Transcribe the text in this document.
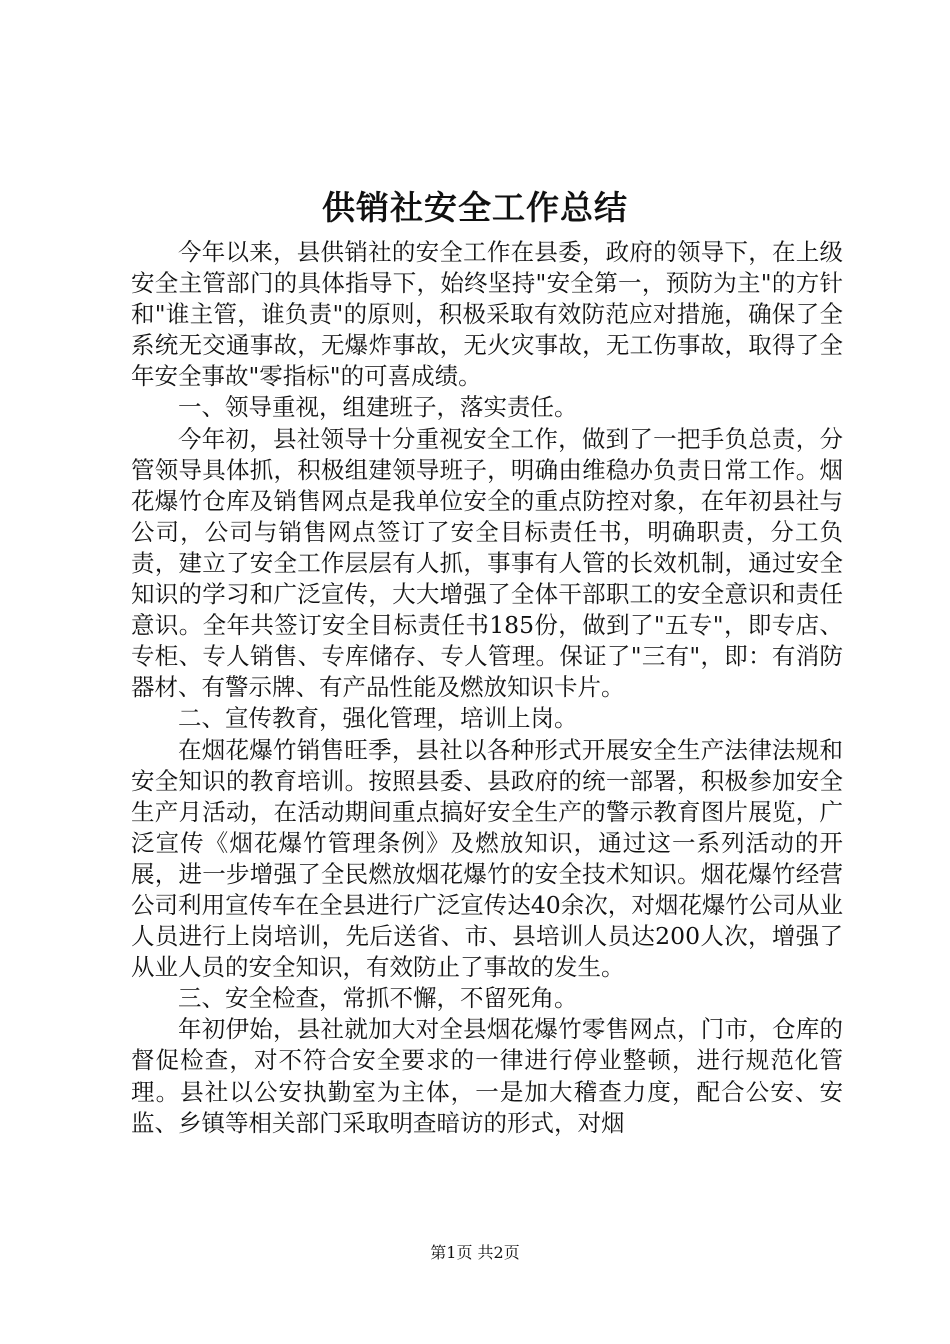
供销社安全工作总结

今年以来，县供销社的安全工作在县委，政府的领导下，在上级安全主管部门的具体指导下，始终坚持"安全第一，预防为主"的方针和"谁主管，谁负责"的原则，积极采取有效防范应对措施，确保了全系统无交通事故，无爆炸事故，无火灾事故，无工伤事故，取得了全年安全事故"零指标"的可喜成绩。

一、领导重视，组建班子，落实责任。

今年初，县社领导十分重视安全工作，做到了一把手负总责，分管领导具体抓，积极组建领导班子，明确由维稳办负责日常工作。烟花爆竹仓库及销售网点是我单位安全的重点防控对象，在年初县社与公司，公司与销售网点签订了安全目标责任书，明确职责，分工负责，建立了安全工作层层有人抓，事事有人管的长效机制，通过安全知识的学习和广泛宣传，大大增强了全体干部职工的安全意识和责任意识。全年共签订安全目标责任书185份，做到了"五专"，即专店、专柜、专人销售、专库储存、专人管理。保证了"三有"，即：有消防器材、有警示牌、有产品性能及燃放知识卡片。

二、宣传教育，强化管理，培训上岗。

在烟花爆竹销售旺季，县社以各种形式开展安全生产法律法规和安全知识的教育培训。按照县委、县政府的统一部署，积极参加安全生产月活动，在活动期间重点搞好安全生产的警示教育图片展览，广泛宣传《烟花爆竹管理条例》及燃放知识，通过这一系列活动的开展，进一步增强了全民燃放烟花爆竹的安全技术知识。烟花爆竹经营公司利用宣传车在全县进行广泛宣传达40余次，对烟花爆竹公司从业人员进行上岗培训，先后送省、市、县培训人员达200人次，增强了从业人员的安全知识，有效防止了事故的发生。

三、安全检查，常抓不懈，不留死角。

年初伊始，县社就加大对全县烟花爆竹零售网点，门市，仓库的督促检查，对不符合安全要求的一律进行停业整顿，进行规范化管理。县社以公安执勤室为主体，一是加大稽查力度，配合公安、安监、乡镇等相关部门采取明查暗访的形式，对烟

第1页 共2页
